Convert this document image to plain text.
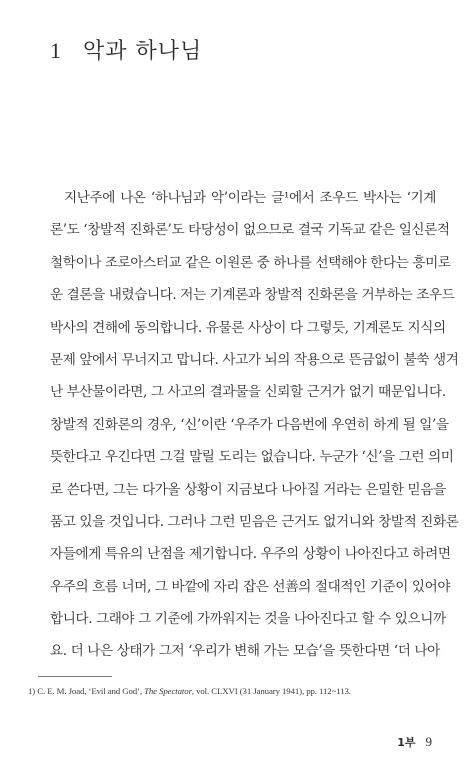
1 악과 하나님
지난주에 나온 ‘하나님과 악’이라는 글¹에서 조우드 박사는 ‘기계
론’도 ‘창발적 진화론’도 타당성이 없으므로 결국 기독교 같은 일신론적
철학이나 조로아스터교 같은 이원론 중 하나를 선택해야 한다는 흥미로
운 결론을 내렸습니다. 저는 기계론과 창발적 진화론을 거부하는 조우드
박사의 견해에 동의합니다. 유물론 사상이 다 그렇듯, 기계론도 지식의
문제 앞에서 무너지고 맙니다. 사고가 뇌의 작용으로 뜬금없이 불쑥 생겨
난 부산물이라면, 그 사고의 결과물을 신뢰할 근거가 없기 때문입니다.
창발적 진화론의 경우, ‘신’이란 ‘우주가 다음번에 우연히 하게 될 일’을
뜻한다고 우긴다면 그걸 말릴 도리는 없습니다. 누군가 ‘신’을 그런 의미
로 쓴다면, 그는 다가올 상황이 지금보다 나아질 거라는 은밀한 믿음을
품고 있을 것입니다. 그러나 그런 믿음은 근거도 없거니와 창발적 진화론
자들에게 특유의 난점을 제기합니다. 우주의 상황이 나아진다고 하려면
우주의 흐름 너머, 그 바깥에 자리 잡은 선善의 절대적인 기준이 있어야
합니다. 그래야 그 기준에 가까워지는 것을 나아진다고 할 수 있으니까
요. 더 나은 상태가 그저 ‘우리가 변해 가는 모습’을 뜻한다면 ‘더 나아
1) C. E. M. Joad, ‘Evil and God’, The Spectator, vol. CLXVI (31 January 1941), pp. 112~113.
1부 9
